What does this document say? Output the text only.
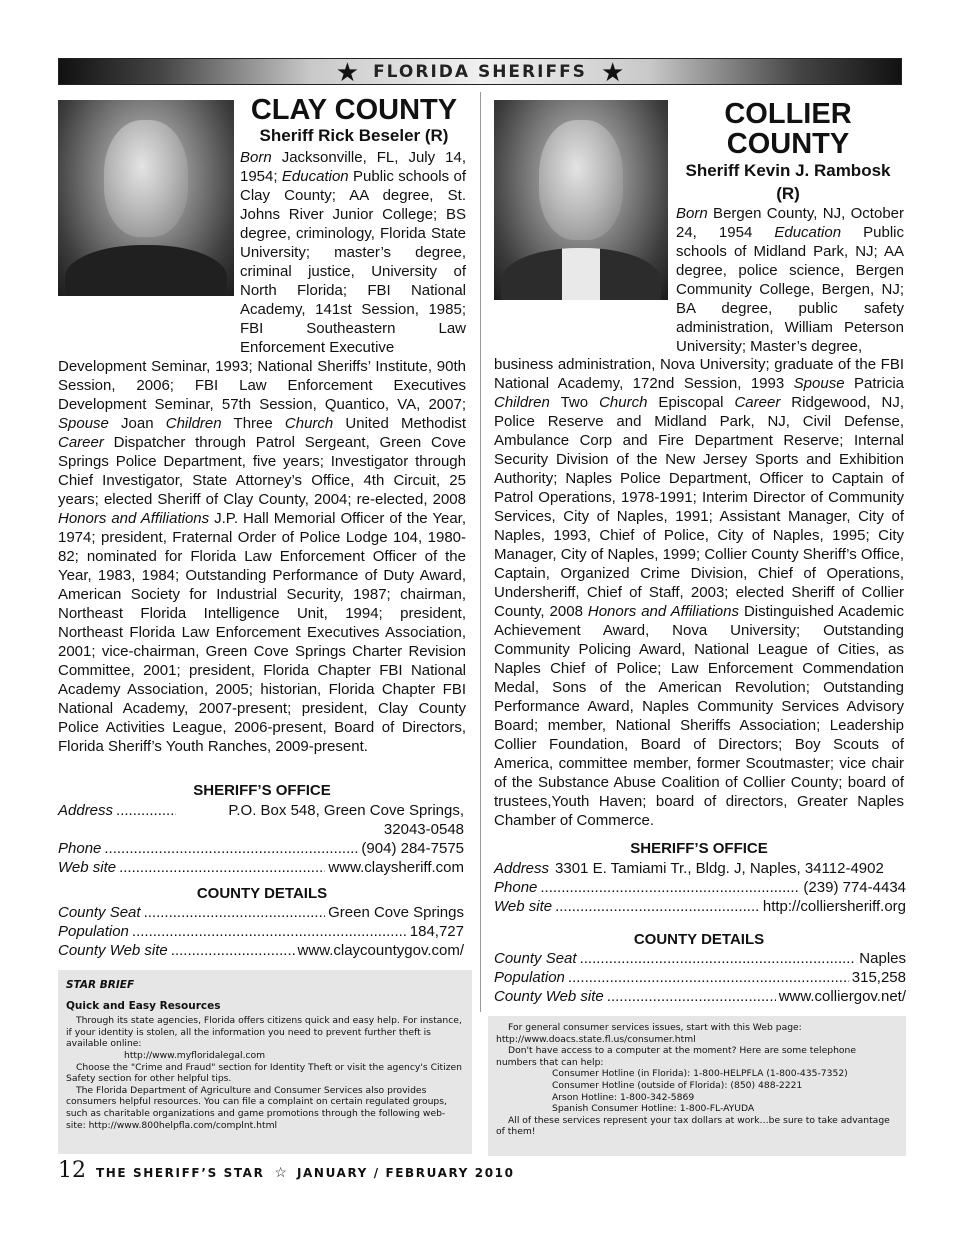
★ FLORIDA SHERIFFS ★
CLAY COUNTY
Sheriff Rick Beseler (R)
Born Jacksonville, FL, July 14, 1954; Education Public schools of Clay County; AA degree, St. Johns River Junior College; BS degree, criminology, Florida State University; master’s degree, criminal justice, University of North Florida; FBI National Academy, 141st Session, 1985; FBI Southeastern Law Enforcement Executive
Development Seminar, 1993; National Sheriffs’ Institute, 90th Session, 2006; FBI Law Enforcement Executives Development Seminar, 57th Session, Quantico, VA, 2007; Spouse Joan Children Three Church United Methodist Career Dispatcher through Patrol Sergeant, Green Cove Springs Police Department, five years; Investigator through Chief Investigator, State Attorney’s Office, 4th Circuit, 25 years; elected Sheriff of Clay County, 2004; re-elected, 2008 Honors and Affiliations J.P. Hall Memorial Officer of the Year, 1974; president, Fraternal Order of Police Lodge 104, 1980-82; nominated for Florida Law Enforcement Officer of the Year, 1983, 1984; Outstanding Performance of Duty Award, American Society for Industrial Security, 1987; chairman, Northeast Florida Intelligence Unit, 1994; president, Northeast Florida Law Enforcement Executives Association, 2001; vice-chairman, Green Cove Springs Charter Revision Committee, 2001; president, Florida Chapter FBI National Academy Association, 2005; historian, Florida Chapter FBI National Academy, 2007-present; president, Clay County Police Activities League, 2006-present, Board of Directors, Florida Sheriff’s Youth Ranches, 2009-present.
SHERIFF’S OFFICE
Address .....	P.O. Box 548, Green Cove Springs, 32043-0548
Phone .....	(904) 284-7575
Web site .....	www.claysheriff.com
COUNTY DETAILS
County Seat .....	Green Cove Springs
Population .....	184,727
County Web site .....	www.claycountygov.com/
COLLIER COUNTY
Sheriff Kevin J. Rambosk (R)
Born Bergen County, NJ, October 24, 1954 Education Public schools of Midland Park, NJ; AA degree, police science, Bergen Community College, Bergen, NJ; BA degree, public safety administration, William Peterson University; Master’s degree,
business administration, Nova University; graduate of the FBI National Academy, 172nd Session, 1993 Spouse Patricia Children Two Church Episcopal Career Ridgewood, NJ, Police Reserve and Midland Park, NJ, Civil Defense, Ambulance Corp and Fire Department Reserve; Internal Security Division of the New Jersey Sports and Exhibition Authority; Naples Police Department, Officer to Captain of Patrol Operations, 1978-1991; Interim Director of Community Services, City of Naples, 1991; Assistant Manager, City of Naples, 1993, Chief of Police, City of Naples, 1995; City Manager, City of Naples, 1999; Collier County Sheriff’s Office, Captain, Organized Crime Division, Chief of Operations, Undersheriff, Chief of Staff, 2003; elected Sheriff of Collier County, 2008 Honors and Affiliations Distinguished Academic Achievement Award, Nova University; Outstanding Community Policing Award, National League of Cities, as Naples Chief of Police; Law Enforcement Commendation Medal, Sons of the American Revolution; Outstanding Performance Award, Naples Community Services Advisory Board; member, National Sheriffs Association; Leadership Collier Foundation, Board of Directors; Boy Scouts of America, committee member, former Scoutmaster; vice chair of the Substance Abuse Coalition of Collier County; board of trustees,Youth Haven; board of directors, Greater Naples Chamber of Commerce.
SHERIFF’S OFFICE
Address 3301 E. Tamiami Tr., Bldg. J, Naples, 34112-4902
Phone .....	(239) 774-4434
Web site .....	http://colliersheriff.org
COUNTY DETAILS
County Seat .....	Naples
Population .....	315,258
County Web site .....	www.colliergov.net/
STAR BRIEF
Quick and Easy Resources

Through its state agencies, Florida offers citizens quick and easy help. For instance, if your identity is stolen, all the information you need to prevent further theft is available online:

http://www.myfloridalegal.com

Choose the "Crime and Fraud" section for Identity Theft or visit the agency's Citizen Safety section for other helpful tips.

The Florida Department of Agriculture and Consumer Services also provides consumers helpful resources. You can file a complaint on certain regulated groups, such as charitable organizations and game promotions through the following web-site: http://www.800helpfla.com/complnt.html

For general consumer services issues, start with this Web page: http://www.doacs.state.fl.us/consumer.html

Don't have access to a computer at the moment? Here are some telephone numbers that can help:

Consumer Hotline (in Florida): 1-800-HELPFLA (1-800-435-7352)

Consumer Hotline (outside of Florida): (850) 488-2221

Arson Hotline: 1-800-342-5869

Spanish Consumer Hotline: 1-800-FL-AYUDA

All of these services represent your tax dollars at work…be sure to take advantage of them!

12 THE SHERIFF’S STAR ☆ JANUARY / FEBRUARY 2010
